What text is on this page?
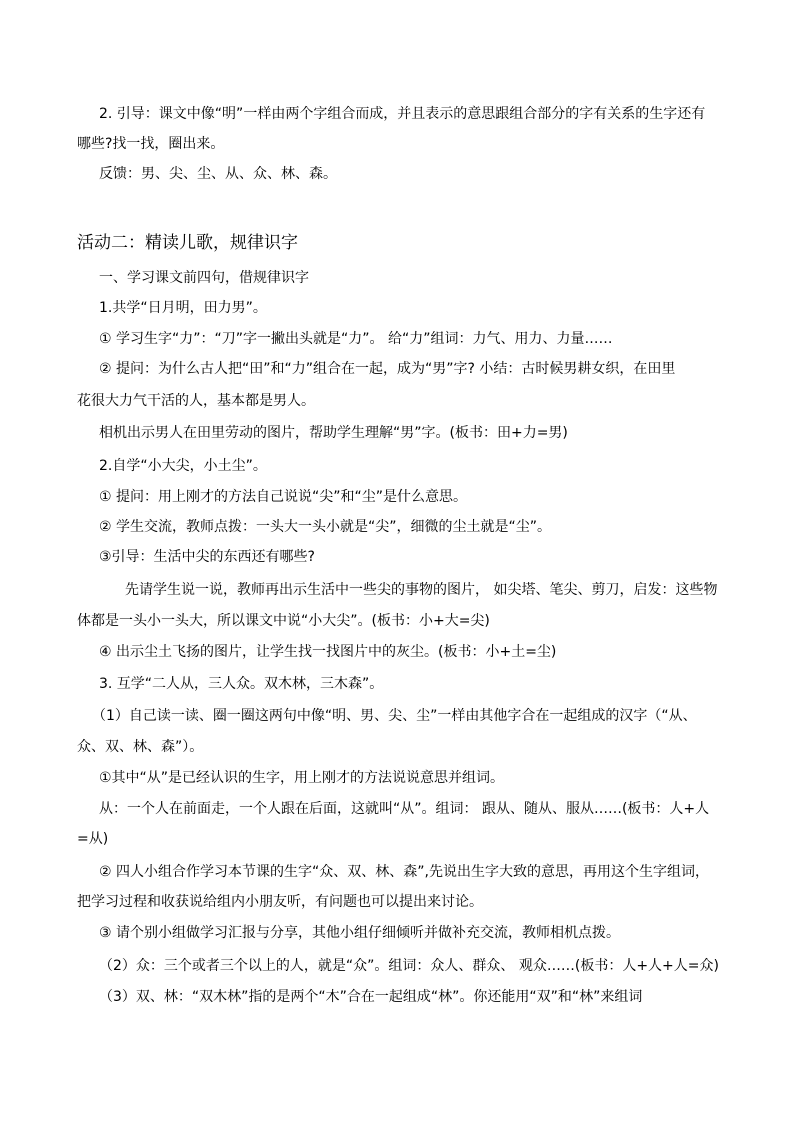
2. 引导：课文中像“明”一样由两个字组合而成，并且表示的意思跟组合部分的字有关系的生字还有
哪些?找一找，圈出来。
反馈：男、尖、尘、从、众、林、森。
活动二：精读儿歌，规律识字
一、学习课文前四句，借规律识字
1.共学“日月明，田力男”。
① 学习生字“力”：“刀”字一撇出头就是“力”。 给“力”组词：力气、用力、力量……
② 提问：为什么古人把“田”和“力”组合在一起，成为“男”字? 小结：古时候男耕女织，在田里
花很大力气干活的人，基本都是男人。
相机出示男人在田里劳动的图片，帮助学生理解“男”字。(板书：田+力=男)
2.自学“小大尖，小土尘”。
① 提问：用上刚才的方法自己说说“尖”和“尘”是什么意思。
② 学生交流，教师点拨：一头大一头小就是“尖”，细微的尘土就是“尘”。
③引导：生活中尖的东西还有哪些?
先请学生说一说，教师再出示生活中一些尖的事物的图片， 如尖塔、笔尖、剪刀，启发：这些物
体都是一头小一头大，所以课文中说“小大尖”。(板书：小+大=尖)
④ 出示尘土飞扬的图片，让学生找一找图片中的灰尘。(板书：小+土=尘)
3. 互学“二人从，三人众。双木林，三木森”。
（1）自己读一读、圈一圈这两句中像“明、男、尖、尘”一样由其他字合在一起组成的汉字（“从、
众、双、林、森”）。
①其中“从”是已经认识的生字，用上刚才的方法说说意思并组词。
从：一个人在前面走，一个人跟在后面，这就叫“从”。组词： 跟从、随从、服从……(板书：人+人
=从)
② 四人小组合作学习本节课的生字“众、双、林、森”,先说出生字大致的意思，再用这个生字组词，
把学习过程和收获说给组内小朋友听，有问题也可以提出来讨论。
③ 请个别小组做学习汇报与分享，其他小组仔细倾听并做补充交流，教师相机点拨。
（2）众：三个或者三个以上的人，就是“众”。组词：众人、群众、 观众……(板书：人+人+人=众)
（3）双、林：“双木林”指的是两个“木”合在一起组成“林”。你还能用“双”和“林”来组词
